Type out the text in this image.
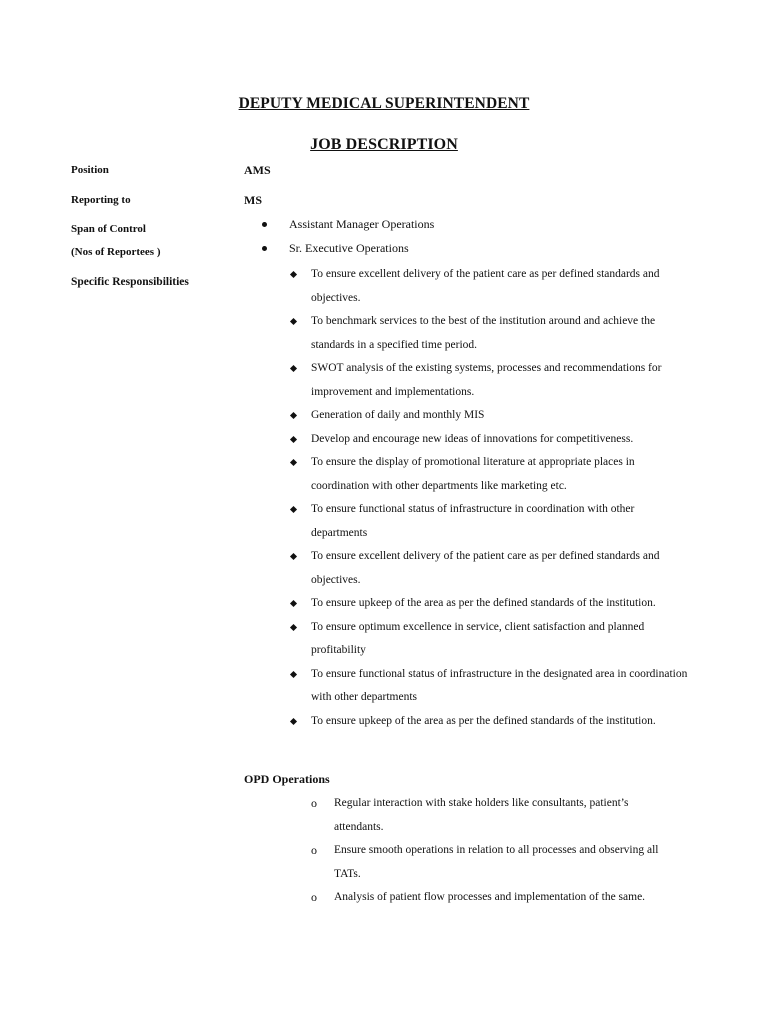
DEPUTY MEDICAL SUPERINTENDENT
JOB DESCRIPTION
Position	AMS
Reporting to	MS
Span of Control
(Nos of Reportees )
Specific Responsibilities
Assistant Manager Operations
Sr. Executive Operations
To ensure excellent delivery of the patient care as per defined standards and objectives.
To benchmark services to the best of the institution around and achieve the standards in a specified time period.
SWOT analysis of the existing systems, processes and recommendations for improvement and implementations.
Generation of daily and monthly MIS
Develop and encourage new ideas of innovations for competitiveness.
To ensure the display of promotional literature at appropriate places in coordination with other departments like marketing etc.
To ensure functional status of infrastructure in coordination with other departments
To ensure excellent delivery of the patient care as per defined standards and objectives.
To ensure upkeep of the area as per the defined standards of the institution.
To ensure optimum excellence in service, client satisfaction and planned profitability
To ensure functional status of infrastructure in the designated area in coordination with other departments
To ensure upkeep of the area as per the defined standards of the institution.
OPD Operations
o Regular interaction with stake holders like consultants, patient’s attendants.
o Ensure smooth operations in relation to all processes and observing all TATs.
o Analysis of patient flow processes and implementation of the same.
